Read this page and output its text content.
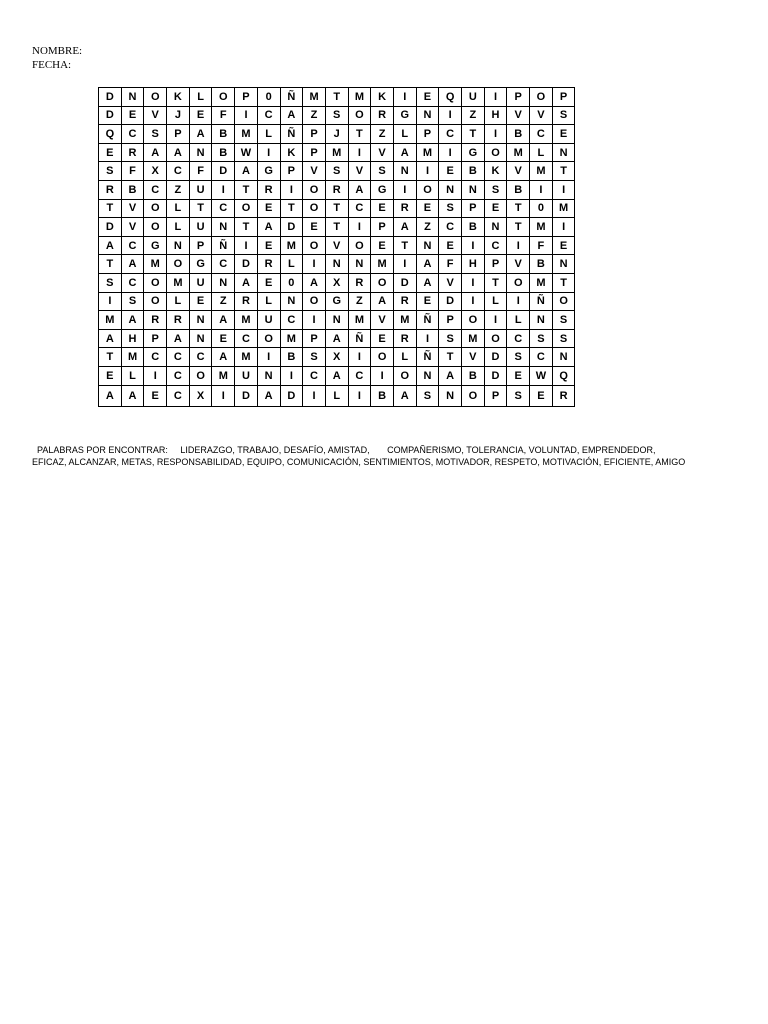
NOMBRE:
FECHA:
D	N	O	K	L	O	P	0	Ñ	M	T	M	K	I	E	Q	U	I	P	O	P
D	E	V	J	E	F	I	C	A	Z	S	O	R	G	N	I	Z	H	V	V	S
Q	C	S	P	A	B	M	L	Ñ	P	J	T	Z	L	P	C	T	I	B	C	E
E	R	A	A	N	B	W	I	K	P	M	I	V	A	M	I	G	O	M	L	N
S	F	X	C	F	D	A	G	P	V	S	V	S	N	I	E	B	K	V	M	T
R	B	C	Z	U	I	T	R	I	O	R	A	G	I	O	N	N	S	B	I	I
T	V	O	L	T	C	O	E	T	O	T	C	E	R	E	S	P	E	T	0	M
D	V	O	L	U	N	T	A	D	E	T	I	P	A	Z	C	B	N	T	M	I
A	C	G	N	P	Ñ	I	E	M	O	V	O	E	T	N	E	I	C	I	F	E
T	A	M	O	G	C	D	R	L	I	N	N	M	I	A	F	H	P	V	B	N
S	C	O	M	U	N	A	E	0	A	X	R	O	D	A	V	I	T	O	M	T
I	S	O	L	E	Z	R	L	N	O	G	Z	A	R	E	D	I	L	I	Ñ	O
M	A	R	R	N	A	M	U	C	I	N	M	V	M	Ñ	P	O	I	L	N	S
A	H	P	A	N	E	C	O	M	P	A	Ñ	E	R	I	S	M	O	C	S	S
T	M	C	C	C	A	M	I	B	S	X	I	O	L	Ñ	T	V	D	S	C	N
E	L	I	C	O	M	U	N	I	C	A	C	I	O	N	A	B	D	E	W	Q
A	A	E	C	X	I	D	A	D	I	L	I	B	A	S	N	O	P	S	E	R
PALABRAS POR ENCONTRAR:     LIDERAZGO, TRABAJO, DESAFÍO, AMISTAD,       COMPAÑERISMO, TOLERANCIA, VOLUNTAD, EMPRENDEDOR,
EFICAZ, ALCANZAR, METAS, RESPONSABILIDAD, EQUIPO, COMUNICACIÓN, SENTIMIENTOS, MOTIVADOR, RESPETO, MOTIVACIÓN, EFICIENTE, AMIGO
